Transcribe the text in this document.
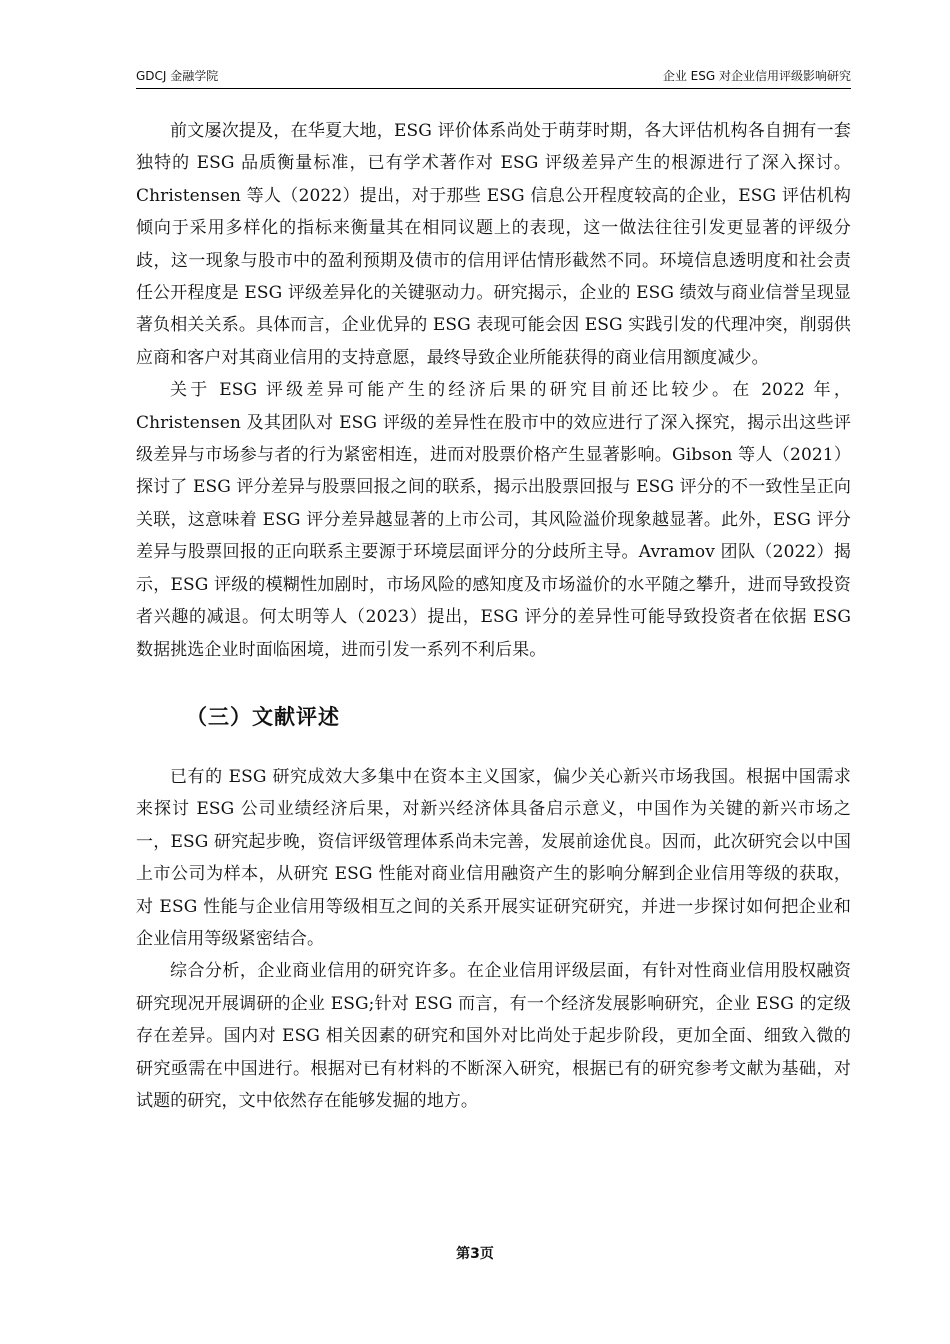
GDCJ 金融学院	企业 ESG 对企业信用评级影响研究

前文屡次提及，在华夏大地，ESG 评价体系尚处于萌芽时期，各大评估机构各自拥有一套独特的 ESG 品质衡量标准，已有学术著作对 ESG 评级差异产生的根源进行了深入探讨。Christensen 等人（2022）提出，对于那些 ESG 信息公开程度较高的企业，ESG 评估机构倾向于采用多样化的指标来衡量其在相同议题上的表现，这一做法往往引发更显著的评级分歧，这一现象与股市中的盈利预期及债市的信用评估情形截然不同。环境信息透明度和社会责任公开程度是 ESG 评级差异化的关键驱动力。研究揭示，企业的 ESG 绩效与商业信誉呈现显著负相关关系。具体而言，企业优异的 ESG 表现可能会因 ESG 实践引发的代理冲突，削弱供应商和客户对其商业信用的支持意愿，最终导致企业所能获得的商业信用额度减少。

关于 ESG 评级差异可能产生的经济后果的研究目前还比较少。在 2022 年，Christensen 及其团队对 ESG 评级的差异性在股市中的效应进行了深入探究，揭示出这些评级差异与市场参与者的行为紧密相连，进而对股票价格产生显著影响。Gibson 等人（2021）探讨了 ESG 评分差异与股票回报之间的联系，揭示出股票回报与 ESG 评分的不一致性呈正向关联，这意味着 ESG 评分差异越显著的上市公司，其风险溢价现象越显著。此外，ESG 评分差异与股票回报的正向联系主要源于环境层面评分的分歧所主导。Avramov 团队（2022）揭示，ESG 评级的模糊性加剧时，市场风险的感知度及市场溢价的水平随之攀升，进而导致投资者兴趣的减退。何太明等人（2023）提出，ESG 评分的差异性可能导致投资者在依据 ESG 数据挑选企业时面临困境，进而引发一系列不利后果。

（三）文献评述

已有的 ESG 研究成效大多集中在资本主义国家，偏少关心新兴市场我国。根据中国需求来探讨 ESG 公司业绩经济后果，对新兴经济体具备启示意义，中国作为关键的新兴市场之一，ESG 研究起步晚，资信评级管理体系尚未完善，发展前途优良。因而，此次研究会以中国上市公司为样本，从研究 ESG 性能对商业信用融资产生的影响分解到企业信用等级的获取，对 ESG 性能与企业信用等级相互之间的关系开展实证研究研究，并进一步探讨如何把企业和企业信用等级紧密结合。

综合分析，企业商业信用的研究许多。在企业信用评级层面，有针对性商业信用股权融资研究现况开展调研的企业 ESG;针对 ESG 而言，有一个经济发展影响研究，企业 ESG 的定级存在差异。国内对 ESG 相关因素的研究和国外对比尚处于起步阶段，更加全面、细致入微的研究亟需在中国进行。根据对已有材料的不断深入研究，根据已有的研究参考文献为基础，对试题的研究，文中依然存在能够发掘的地方。

第3页
